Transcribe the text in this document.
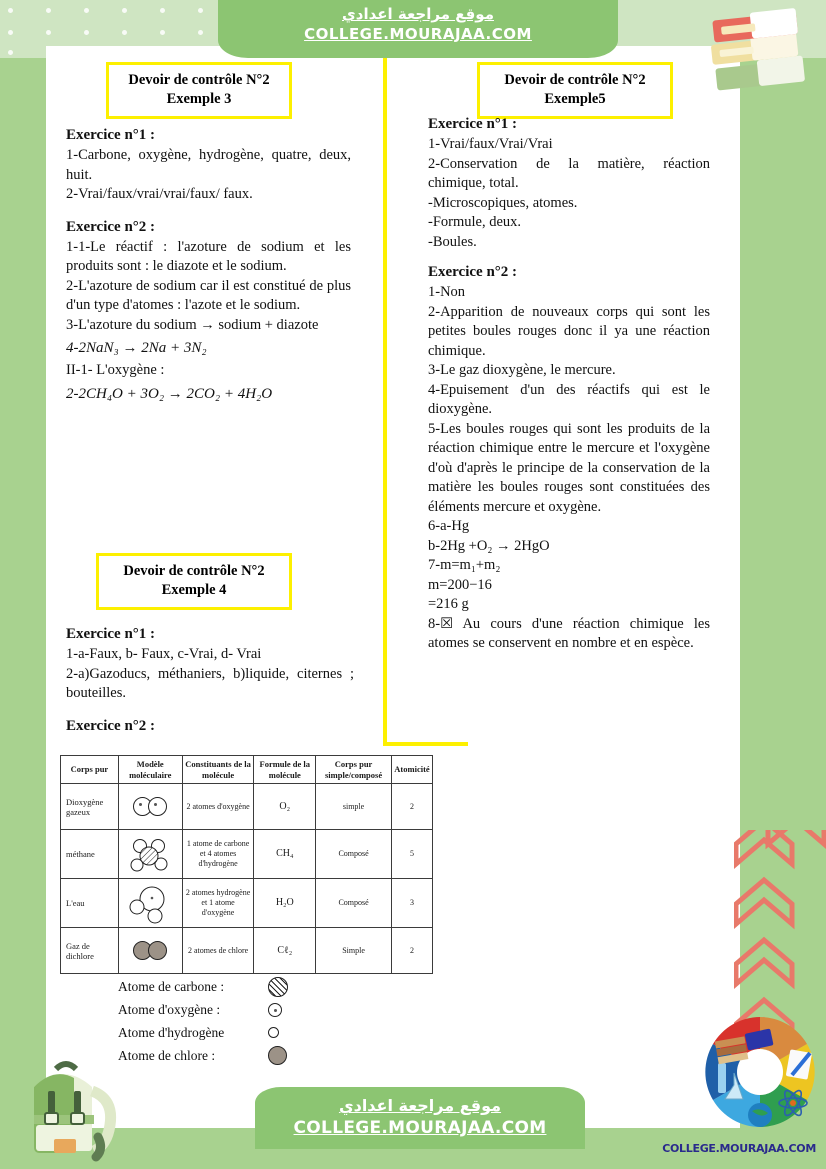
موقع مراجعة اعدادي
COLLEGE.MOURAJAA.COM
Devoir de contrôle N°2
Exemple 3
Exercice n°1 :
1-Carbone, oxygène, hydrogène, quatre, deux, huit.
2-Vrai/faux/vrai/vrai/faux/ faux.
Exercice n°2 :
1-1-Le réactif : l'azoture de sodium et les produits sont : le diazote et le sodium.
2-L'azoture de sodium car il est constitué de plus d'un type d'atomes : l'azote et le sodium.
3-L'azoture du sodium → sodium + diazote
4-2NaN₃ → 2Na + 3N₂
II-1- L'oxygène :
2-2CH₄O + 3O₂ → 2CO₂ + 4H₂O
Devoir de contrôle N°2
Exemple 4
Exercice n°1 :
1-a-Faux, b- Faux, c-Vrai, d- Vrai
2-a)Gazoducs, méthaniers, b)liquide, citernes ; bouteilles.
Exercice n°2 :
Corps pur	Modèle moléculaire	Constituants de la molécule	Formule de la molécule	Corps pur simple/composé	Atomicité
Dioxygène gazeux		2 atomes d'oxygène	O₂	simple	2
méthane		1 atome de carbone et 4 atomes d'hydrogène	CH₄	Composé	5
L'eau		2 atomes hydrogène et 1 atome d'oxygène	H₂O	Composé	3
Gaz de dichlore		2 atomes de chlore	Cℓ₂	Simple	2
Atome de carbone :
Atome d'oxygène :
Atome d'hydrogène
Atome de chlore :
Devoir de contrôle N°2
Exemple5
Exercice n°1 :
1-Vrai/faux/Vrai/Vrai
2-Conservation de la matière, réaction chimique, total.
-Microscopiques, atomes.
-Formule, deux.
-Boules.
Exercice n°2 :
1-Non
2-Apparition de nouveaux corps qui sont les petites boules rouges donc il ya une réaction chimique.
3-Le gaz dioxygène, le mercure.
4-Epuisement d'un des réactifs qui est le dioxygène.
5-Les boules rouges qui sont les produits de la réaction chimique entre le mercure et l'oxygène d'où d'après le principe de la conservation de la matière les boules rouges sont constituées des éléments mercure et oxygène.
6-a-Hg
b-2Hg +O₂ → 2HgO
7-m=m₁+m₂
m=200−16
=216 g
8-☒ Au cours d'une réaction chimique les atomes se conservent en nombre et en espèce.
موقع مراجعة اعدادي
COLLEGE.MOURAJAA.COM
COLLEGE.MOURAJAA.COM
